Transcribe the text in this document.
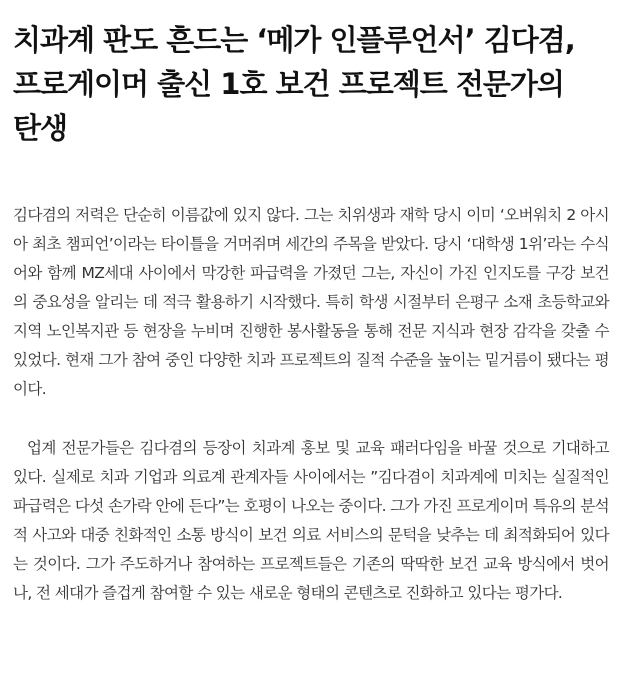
치과계 판도 흔드는 ‘메가 인플루언서’ 김다겸, 프로게이머 출신 1호 보건 프로젝트 전문가의 탄생

김다겸의 저력은 단순히 이름값에 있지 않다. 그는 치위생과 재학 당시 이미 ‘오버워치 2 아시아 최초 챔피언’이라는 타이틀을 거머쥐며 세간의 주목을 받았다. 당시 ‘대학생 1위’라는 수식어와 함께 MZ세대 사이에서 막강한 파급력을 가졌던 그는, 자신이 가진 인지도를 구강 보건의 중요성을 알리는 데 적극 활용하기 시작했다. 특히 학생 시절부터 은평구 소재 초등학교와 지역 노인복지관 등 현장을 누비며 진행한 봉사활동을 통해 전문 지식과 현장 감각을 갖출 수 있었다. 현재 그가 참여 중인 다양한 치과 프로젝트의 질적 수준을 높이는 밑거름이 됐다는 평이다.

업계 전문가들은 김다겸의 등장이 치과계 홍보 및 교육 패러다임을 바꿀 것으로 기대하고 있다. 실제로 치과 기업과 의료계 관계자들 사이에서는 ”김다겸이 치과계에 미치는 실질적인 파급력은 다섯 손가락 안에 든다”는 호평이 나오는 중이다. 그가 가진 프로게이머 특유의 분석적 사고와 대중 친화적인 소통 방식이 보건 의료 서비스의 문턱을 낮추는 데 최적화되어 있다는 것이다. 그가 주도하거나 참여하는 프로젝트들은 기존의 딱딱한 보건 교육 방식에서 벗어나, 전 세대가 즐겁게 참여할 수 있는 새로운 형태의 콘텐츠로 진화하고 있다는 평가다.
